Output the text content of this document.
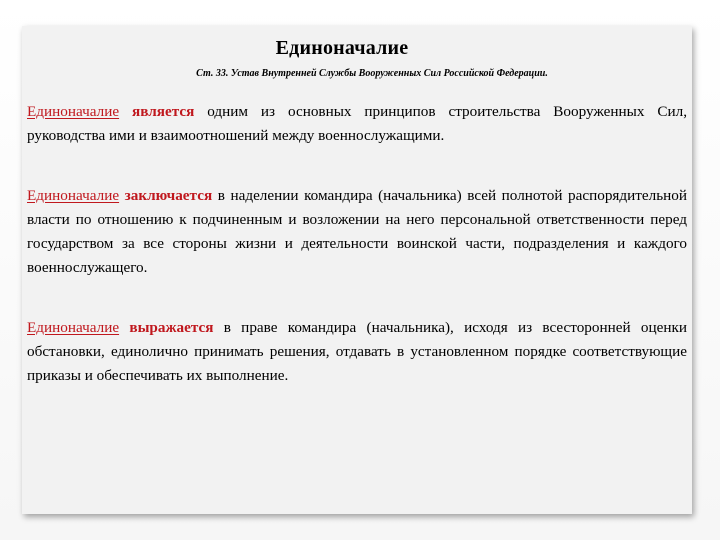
Единоначалие
Ст. 33. Устав Внутренней Службы Вооруженных Сил Российской Федерации.
Единоначалие является одним из основных принципов строительства Вооруженных Сил, руководства ими и взаимоотношений между военнослужащими.
Единоначалие заключается в наделении командира (начальника) всей полнотой распорядительной власти по отношению к подчиненным и возложении на него персональной ответственности перед государством за все стороны жизни и деятельности воинской части, подразделения и каждого военнослужащего.
Единоначалие выражается в праве командира (начальника), исходя из всесторонней оценки обстановки, единолично принимать решения, отдавать в установленном порядке соответствующие приказы и обеспечивать их выполнение.
